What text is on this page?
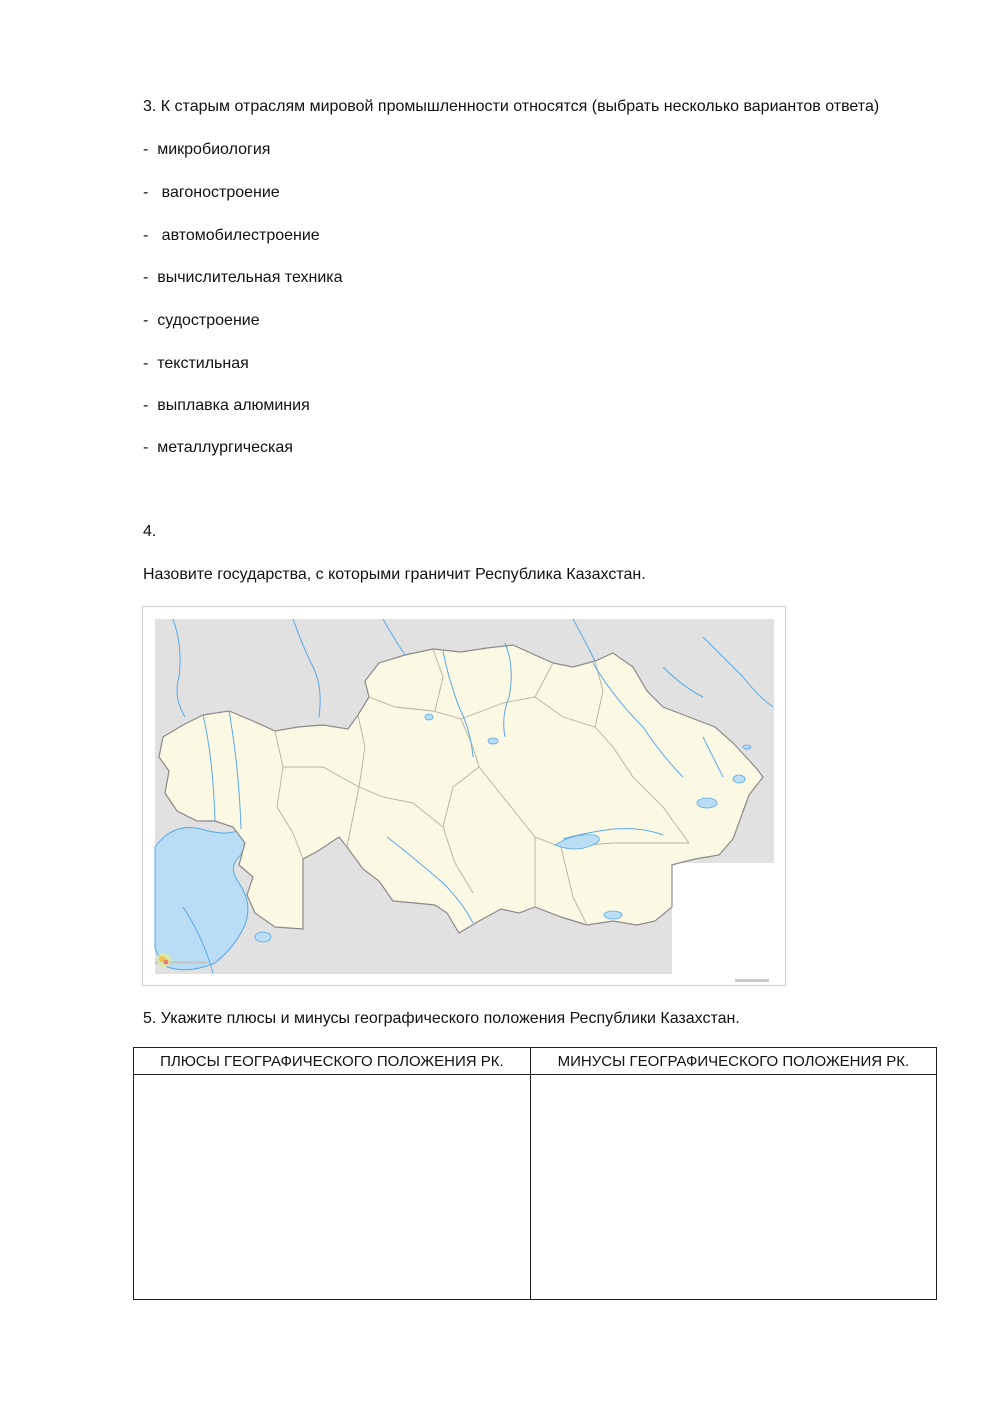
3. К старым отраслям мировой промышленности относятся (выбрать несколько вариантов ответа)
-  микробиология
-   вагоностроение
-   автомобилестроение
-  вычислительная техника
-  судостроение
-  текстильная
-  выплавка алюминия
-  металлургическая
4.
Назовите государства, с которыми граничит Республика Казахстан.
5. Укажите плюсы и минусы географического положения Республики Казахстан.
ПЛЮСЫ ГЕОГРАФИЧЕСКОГО ПОЛОЖЕНИЯ РК.	МИНУСЫ ГЕОГРАФИЧЕСКОГО ПОЛОЖЕНИЯ РК.
